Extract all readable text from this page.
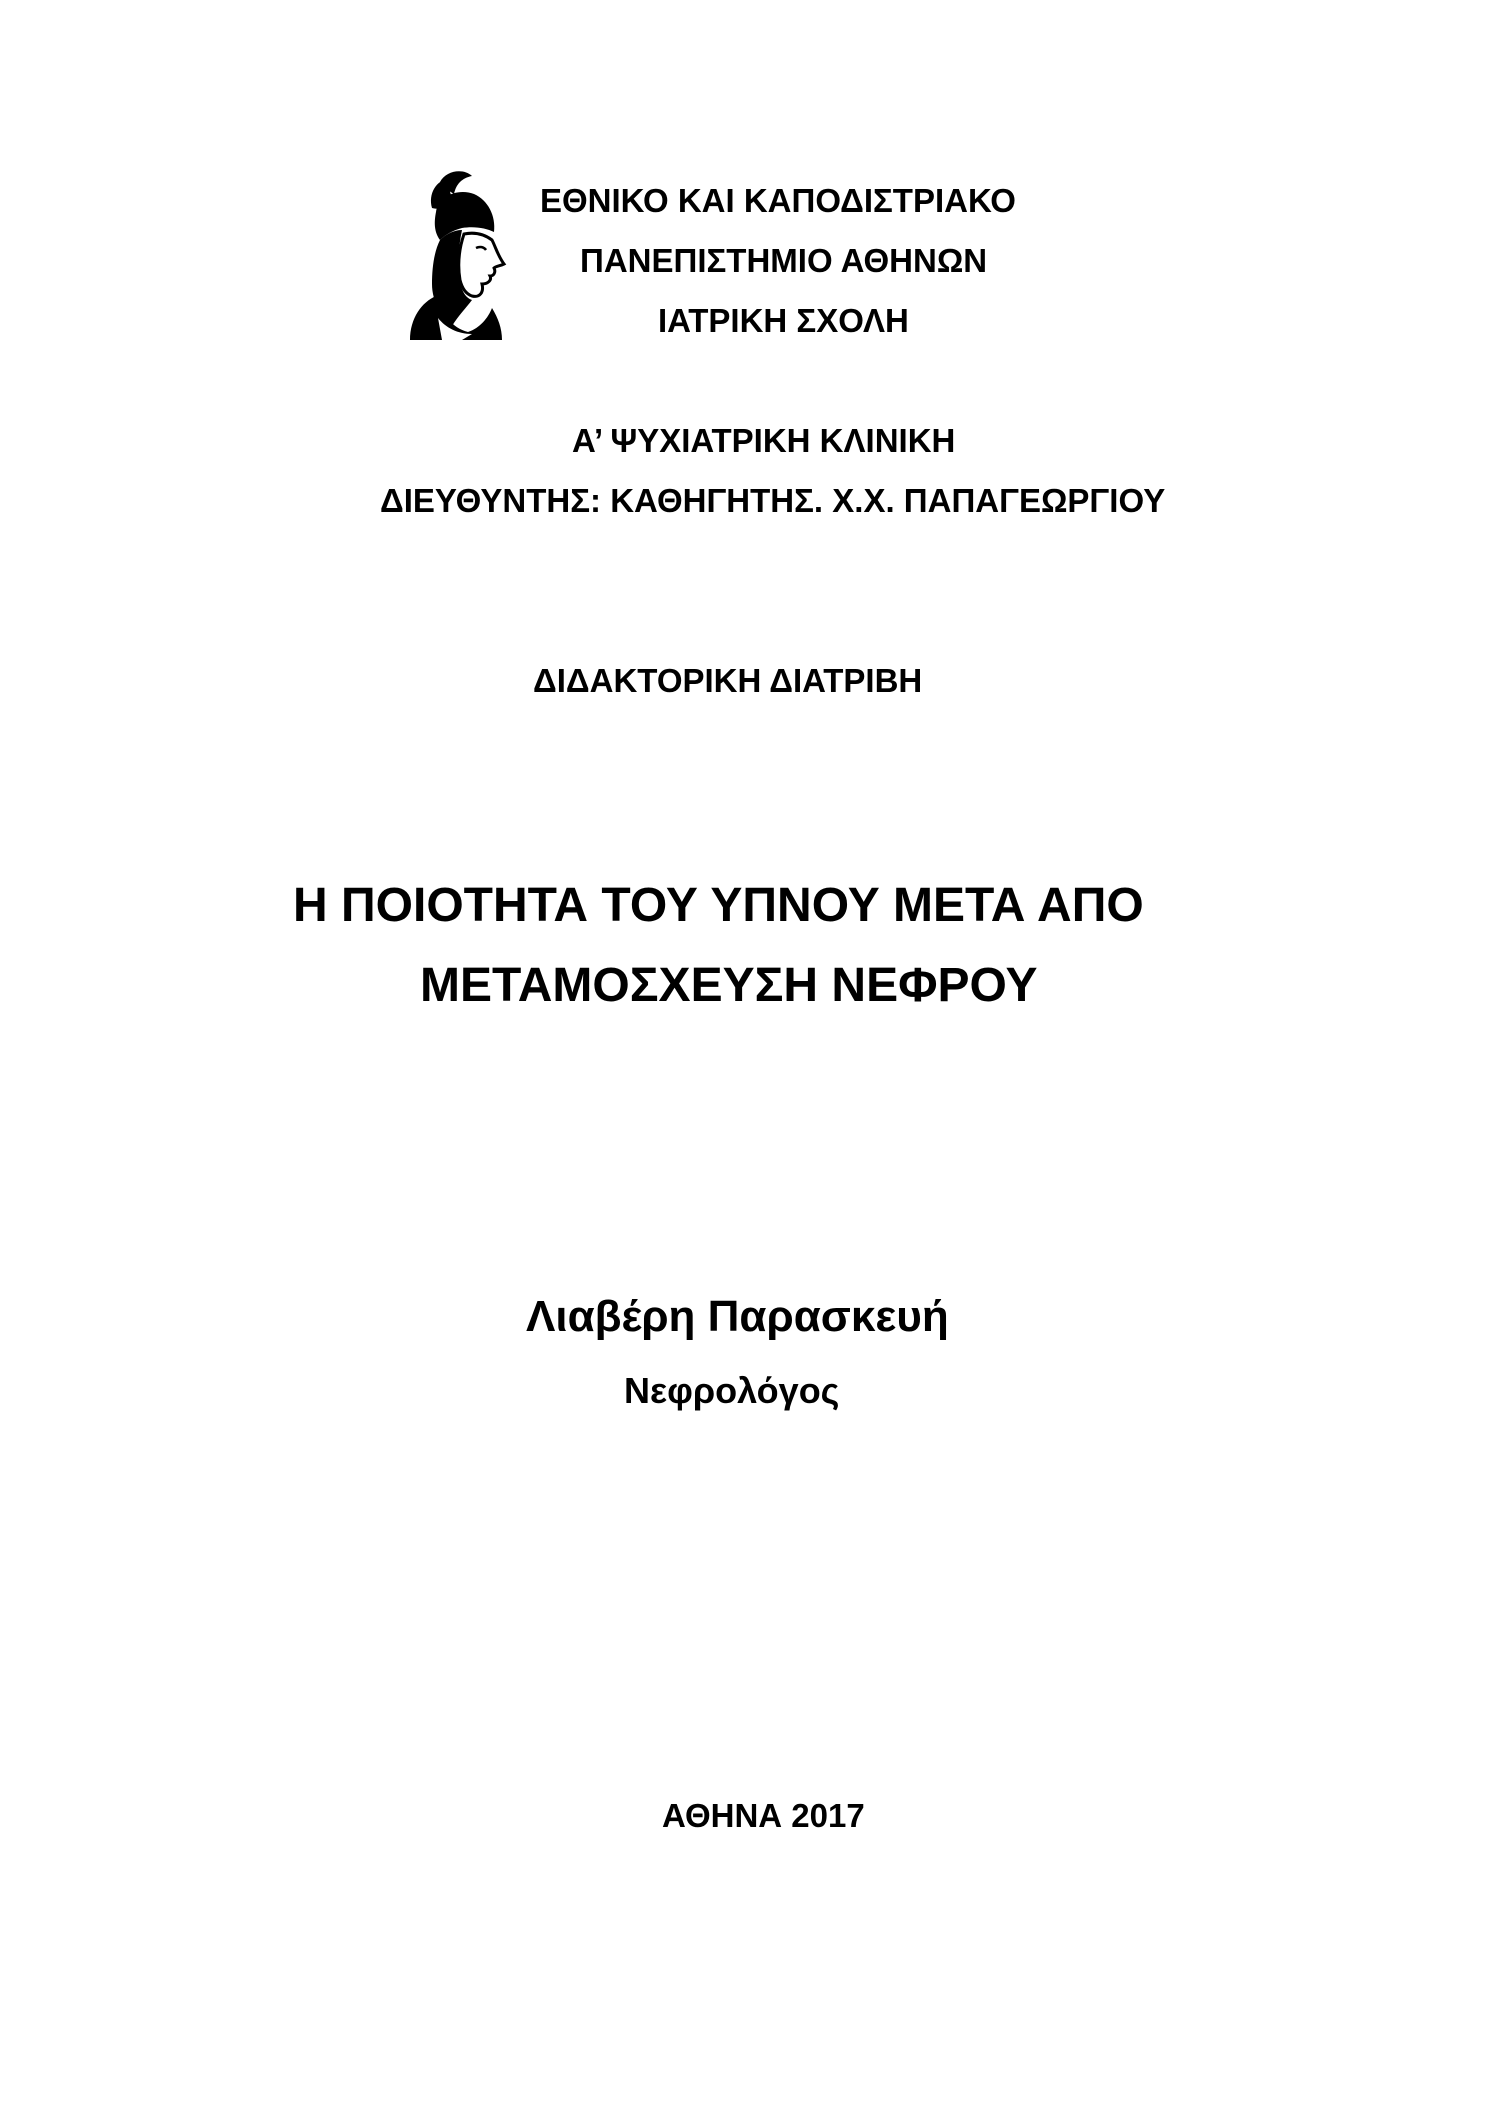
ΕΘΝΙΚΟ ΚΑΙ ΚΑΠΟΔΙΣΤΡΙΑΚΟ
ΠΑΝΕΠΙΣΤΗΜΙΟ ΑΘΗΝΩΝ
ΙΑΤΡΙΚΗ ΣΧΟΛΗ
Α’ ΨΥΧΙΑΤΡΙΚΗ ΚΛΙΝΙΚΗ
ΔΙΕΥΘΥΝΤΗΣ: ΚΑΘΗΓΗΤΗΣ. Χ.Χ. ΠΑΠΑΓΕΩΡΓΙΟΥ
ΔΙΔΑΚΤΟΡΙΚΗ ΔΙΑΤΡΙΒΗ
Η ΠΟΙΟΤΗΤΑ ΤΟΥ ΥΠΝΟΥ ΜΕΤΑ ΑΠΟ
ΜΕΤΑΜΟΣΧΕΥΣΗ ΝΕΦΡΟΥ
Λιαβέρη Παρασκευή
Νεφρολόγος
ΑΘΗΝΑ 2017
